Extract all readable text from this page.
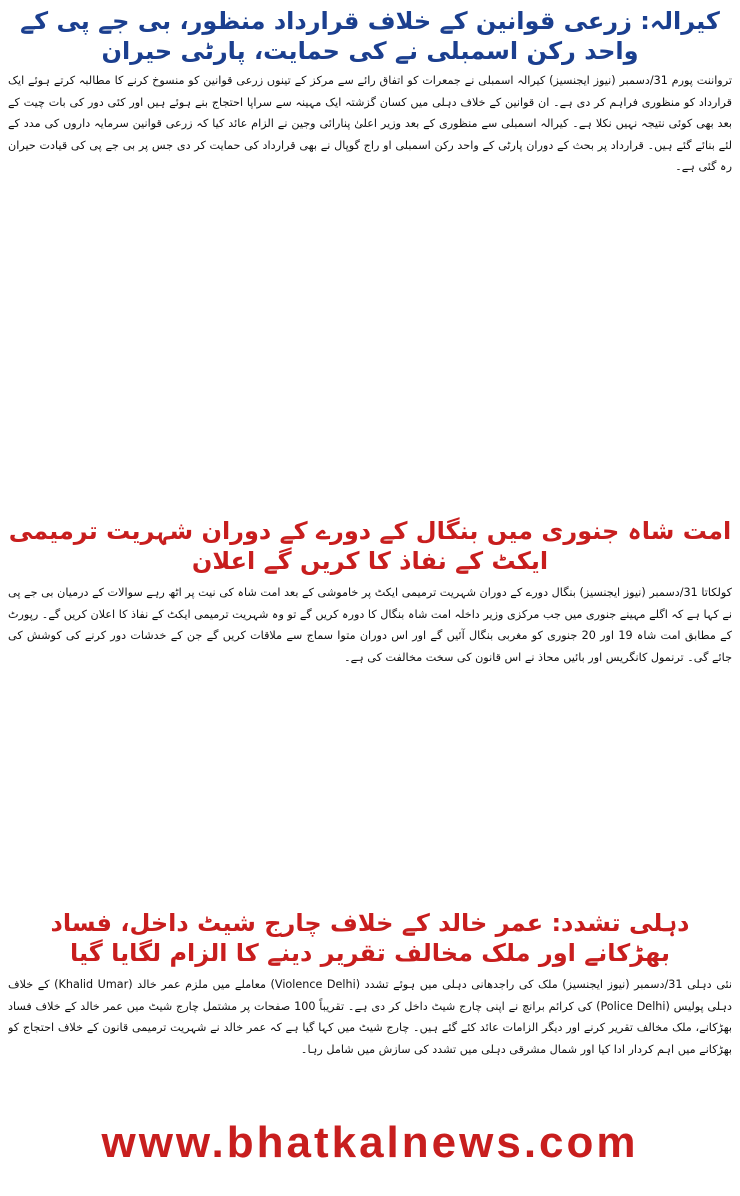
کیرالہ: زرعی قوانین کے خلاف قرارداد منظور، بی جے پی کے واحد رکن اسمبلی نے کی حمایت، پارٹی حیران

ترواننت پورم 31/دسمبر (نیوز ایجنسیز) کیرالہ اسمبلی نے جمعرات کو اتفاق رائے سے مرکز کے تینوں زرعی قوانین کو منسوخ کرنے کا مطالبہ کرتے ہوئے ایک قرارداد کو منظوری فراہم کر دی ہے۔ ان قوانین کے خلاف دہلی میں کسان گزشتہ ایک مہینہ سے سراپا احتجاج بنے ہوئے ہیں اور کئی دور کی بات چیت کے بعد بھی کوئی نتیجہ نہیں نکلا ہے۔ کیرالہ اسمبلی سے منظوری کے بعد وزیر اعلیٰ پنارائی وجین نے الزام عائد کیا کہ زرعی قوانین سرمایہ داروں کی مدد کے لئے بنائے گئے ہیں۔ قرارداد پر بحث کے دوران پارٹی کے واحد رکن اسمبلی او راج گوپال نے بھی قرارداد کی حمایت کر دی جس پر بی جے پی کی قیادت حیران رہ گئی ہے۔

امت شاہ جنوری میں بنگال کے دورے کے دوران شہریت ترمیمی ایکٹ کے نفاذ کا کریں گے اعلان

کولکاتا 31/دسمبر (نیوز ایجنسیز) بنگال دورے کے دوران شہریت ترمیمی ایکٹ پر خاموشی کے بعد امت شاہ کی نیت پر اٹھ رہے سوالات کے درمیان بی جے پی نے کہا ہے کہ اگلے مہینے جنوری میں جب مرکزی وزیر داخلہ امت شاہ بنگال کا دورہ کریں گے تو وہ شہریت ترمیمی ایکٹ کے نفاذ کا اعلان کریں گے۔ رپورٹ کے مطابق امت شاہ 19 اور 20 جنوری کو مغربی بنگال آئیں گے اور اس دوران متوا سماج سے ملاقات کریں گے جن کے خدشات دور کرنے کی کوشش کی جائے گی۔ ترنمول کانگریس اور بائیں محاذ نے اس قانون کی سخت مخالفت کی ہے۔

دہلی تشدد: عمر خالد کے خلاف چارج شیٹ داخل، فساد بھڑکانے اور ملک مخالف تقریر دینے کا الزام لگایا گیا

نئی دہلی 31/دسمبر (نیوز ایجنسیز) ملک کی راجدھانی دہلی میں ہوئے تشدد (Violence Delhi) معاملے میں ملزم عمر خالد (Khalid Umar) کے خلاف دہلی پولیس (Police Delhi) کی کرائم برانچ نے اپنی چارج شیٹ داخل کر دی ہے۔ تقریباً 100 صفحات پر مشتمل چارج شیٹ میں عمر خالد کے خلاف فساد بھڑکانے، ملک مخالف تقریر کرنے اور دیگر الزامات عائد کئے گئے ہیں۔ چارج شیٹ میں کہا گیا ہے کہ عمر خالد نے شہریت ترمیمی قانون کے خلاف احتجاج کو بھڑکانے میں اہم کردار ادا کیا اور شمال مشرقی دہلی میں تشدد کی سازش میں شامل رہا۔

www.bhatkalnews.com
